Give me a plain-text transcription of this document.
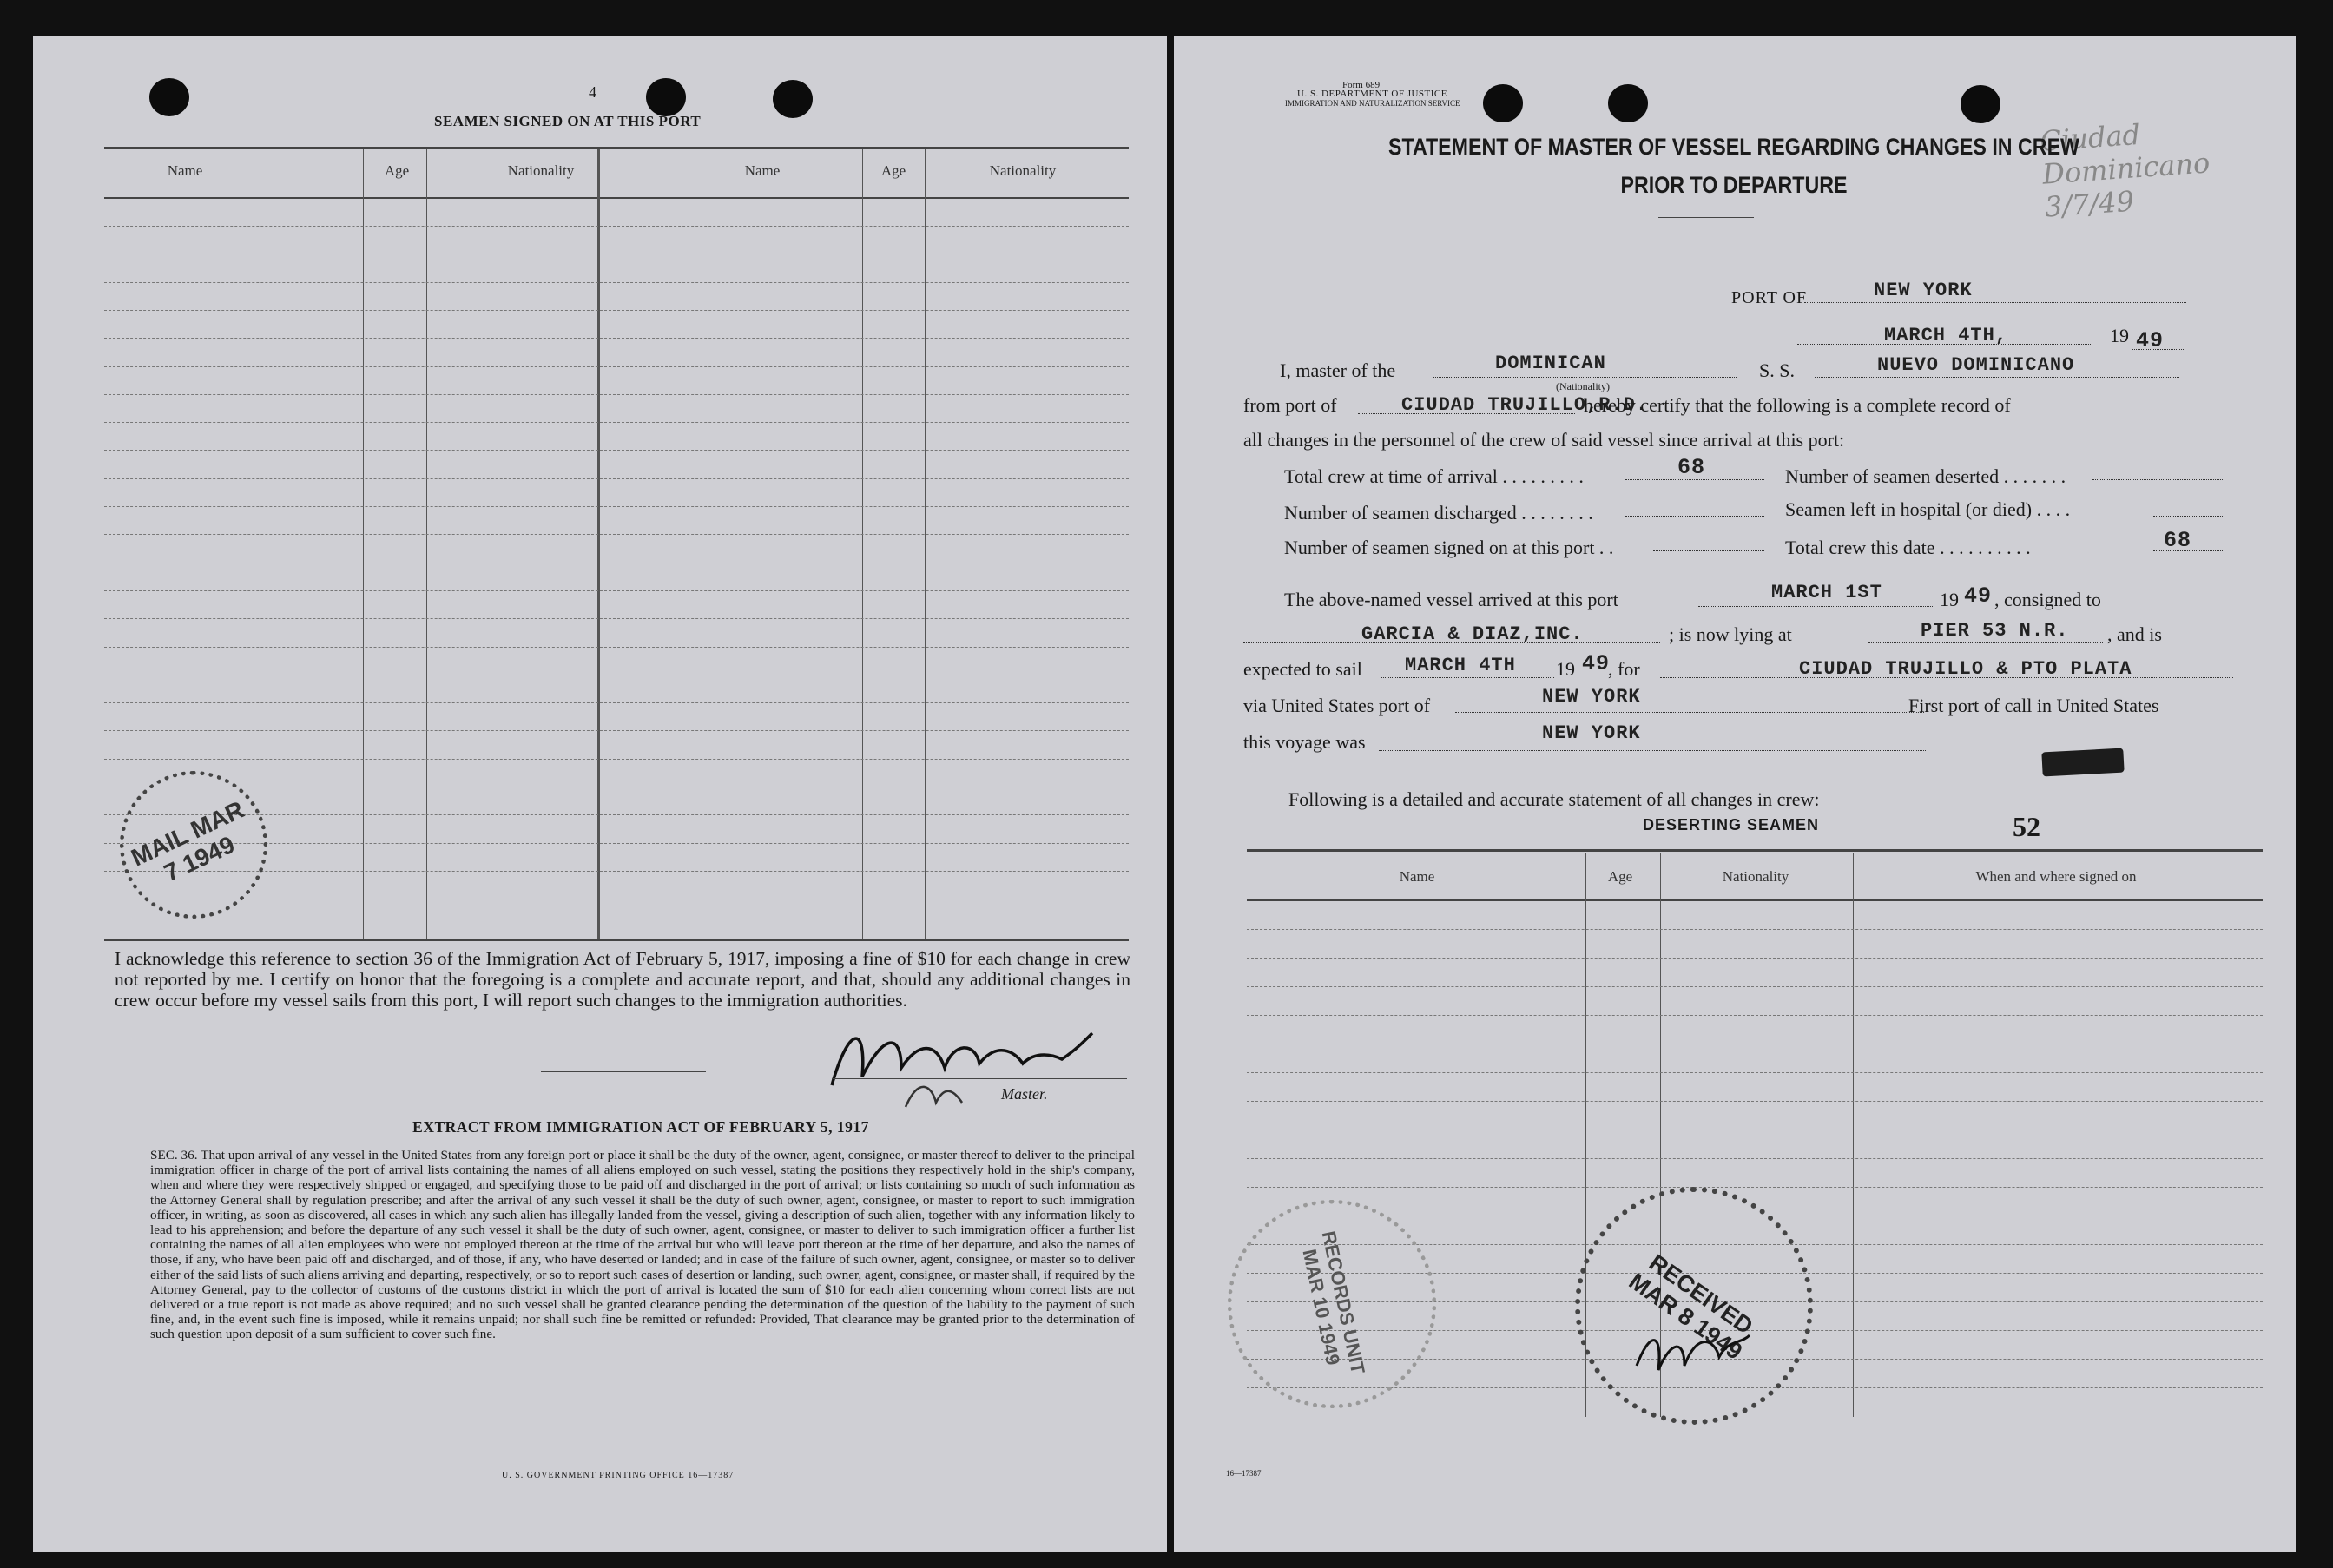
4
SEAMEN SIGNED ON AT THIS PORT
Name	Age	Nationality	Name	Age	Nationality
MAIL MAR 7 1949
I acknowledge this reference to section 36 of the Immigration Act of February 5, 1917, imposing a fine of $10 for each change in crew not reported by me. I certify on honor that the foregoing is a complete and accurate report, and that, should any additional changes in crew occur before my vessel sails from this port, I will report such changes to the immigration authorities.
Master.
EXTRACT FROM IMMIGRATION ACT OF FEBRUARY 5, 1917
SEC. 36. That upon arrival of any vessel in the United States from any foreign port or place it shall be the duty of the owner, agent, consignee, or master thereof to deliver to the principal immigration officer in charge of the port of arrival lists containing the names of all aliens employed on such vessel, stating the positions they respectively hold in the ship's company, when and where they were respectively shipped or engaged, and specifying those to be paid off and discharged in the port of arrival; or lists containing so much of such information as the Attorney General shall by regulation prescribe; and after the arrival of any such vessel it shall be the duty of such owner, agent, consignee, or master to report to such immigration officer, in writing, as soon as discovered, all cases in which any such alien has illegally landed from the vessel, giving a description of such alien, together with any information likely to lead to his apprehension; and before the departure of any such vessel it shall be the duty of such owner, agent, consignee, or master to deliver to such immigration officer a further list containing the names of all alien employees who were not employed thereon at the time of the arrival but who will leave port thereon at the time of her departure, and also the names of those, if any, who have been paid off and discharged, and of those, if any, who have deserted or landed; and in case of the failure of such owner, agent, consignee, or master so to deliver either of the said lists of such aliens arriving and departing, respectively, or so to report such cases of desertion or landing, such owner, agent, consignee, or master shall, if required by the Attorney General, pay to the collector of customs of the customs district in which the port of arrival is located the sum of $10 for each alien concerning whom correct lists are not delivered or a true report is not made as above required; and no such vessel shall be granted clearance pending the determination of the question of the liability to the payment of such fine, and, in the event such fine is imposed, while it remains unpaid; nor shall such fine be remitted or refunded: Provided, That clearance may be granted prior to the determination of such question upon deposit of a sum sufficient to cover such fine.
U. S. GOVERNMENT PRINTING OFFICE 16—17387
Form 689
U. S. DEPARTMENT OF JUSTICE
IMMIGRATION AND NATURALIZATION SERVICE
Ciudad Dominicano 3/7/49
STATEMENT OF MASTER OF VESSEL REGARDING CHANGES IN CREW
PRIOR TO DEPARTURE
PORT OF	NEW YORK
MARCH 4TH,	19 49
I, master of the	DOMINICAN
(Nationality)
S. S.	NUEVO DOMINICANO
from port of	CIUDAD TRUJILLO,R.D.
hereby certify that the following is a complete record of
all changes in the personnel of the crew of said vessel since arrival at this port:
Total crew at time of arrival . . . . . . . . .	68	Number of seamen deserted . . . . . . .
Number of seamen discharged . . . . . . . .	Seamen left in hospital (or died) . . . .
Number of seamen signed on at this port . .	Total crew this date . . . . . . . . . .	68
The above-named vessel arrived at this port	MARCH 1ST	19 49 , consigned to
GARCIA & DIAZ,INC.	; is now lying at	PIER 53 N.R. , and is
expected to sail MARCH 4TH 19 49
, for	CIUDAD TRUJILLO & PTO PLATA
via United States port of	NEW YORK	First port of call in United States
this voyage was	NEW YORK
Following is a detailed and accurate statement of all changes in crew:
DESERTING SEAMEN	52
Name	Age	Nationality	When and where signed on
RECEIVED MAR 8 1949
RECORDS UNIT MAR 10 1949
16—17387
